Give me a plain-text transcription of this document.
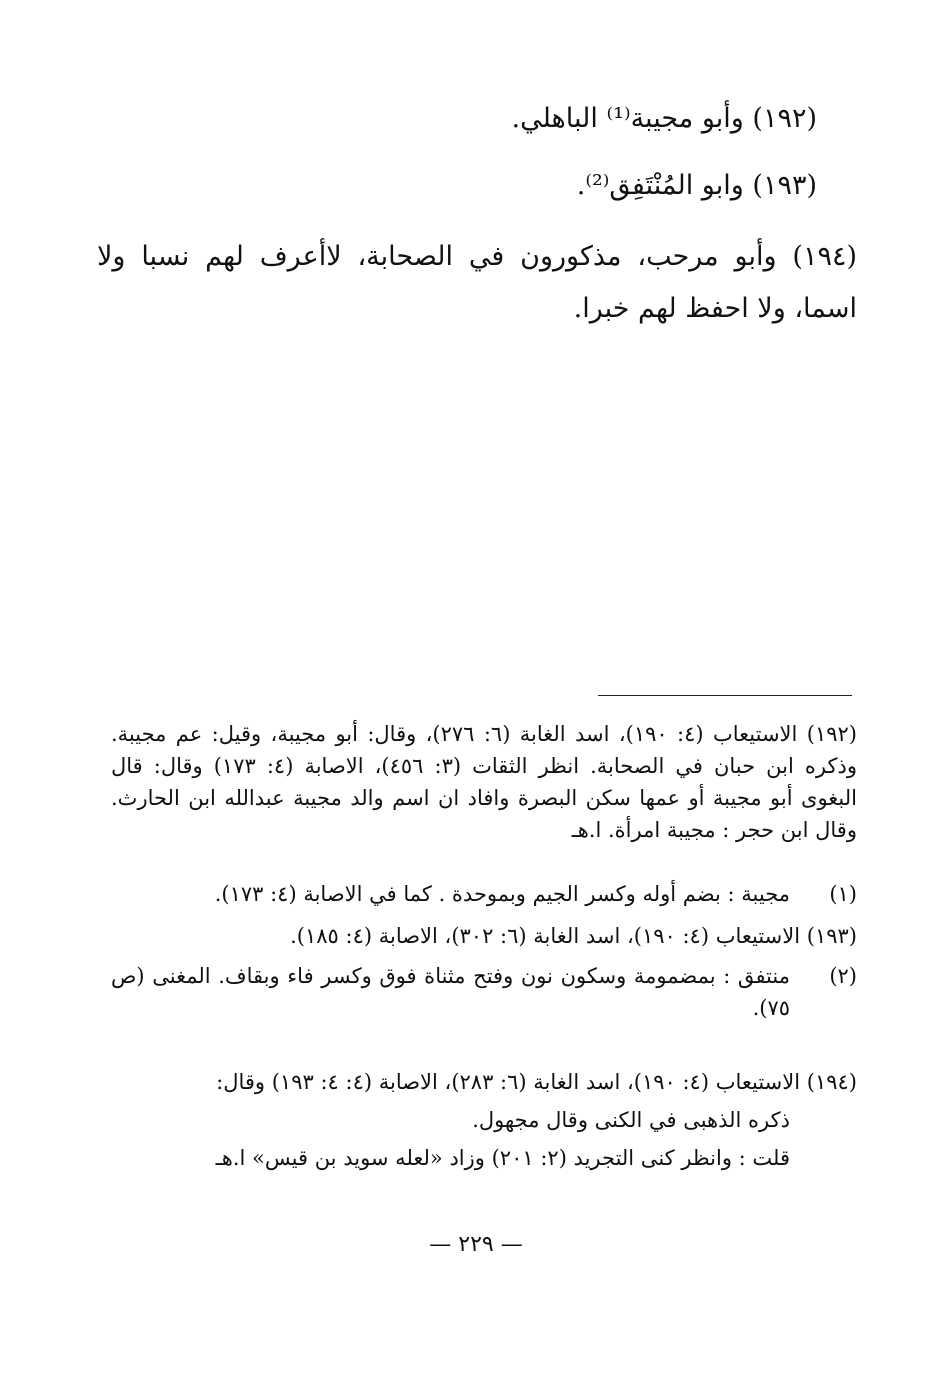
(١٩٢) وأبو مجيبة⁽¹⁾ الباهلي.
(١٩٣) وابو المُنْتَفِق⁽²⁾.
(١٩٤) وأبو مرحب، مذكورون في الصحابة، لاأعرف لهم نسبا ولا اسما، ولا احفظ لهم خبرا.
(١٩٢) الاستيعاب (٤: ١٩٠)، اسد الغابة (٦: ٢٧٦)، وقال: أبو مجيبة، وقيل: عم مجيبة. وذكره ابن حبان في الصحابة. انظر الثقات (٣: ٤٥٦)، الاصابة (٤: ١٧٣) وقال: قال البغوى أبو مجيبة أو عمها سكن البصرة وافاد ان اسم والد مجيبة عبدالله ابن الحارث. وقال ابن حجر : مجيبة امرأة. ا.هـ
(١)
مجيبة : بضم أوله وكسر الجيم وبموحدة . كما في الاصابة (٤: ١٧٣).
(١٩٣) الاستيعاب (٤: ١٩٠)، اسد الغابة (٦: ٣٠٢)، الاصابة (٤: ١٨٥).
(٢)
منتفق : بمضمومة وسكون نون وفتح مثناة فوق وكسر فاء وبقاف. المغنى (ص ٧٥).
(١٩٤) الاستيعاب (٤: ١٩٠)، اسد الغابة (٦: ٢٨٣)، الاصابة (٤: ٤: ١٩٣) وقال:
ذكره الذهبى في الكنى وقال مجهول.
قلت : وانظر كنى التجريد (٢: ٢٠١) وزاد «لعله سويد بن قيس» ا.هـ
— ٢٢٩ —
